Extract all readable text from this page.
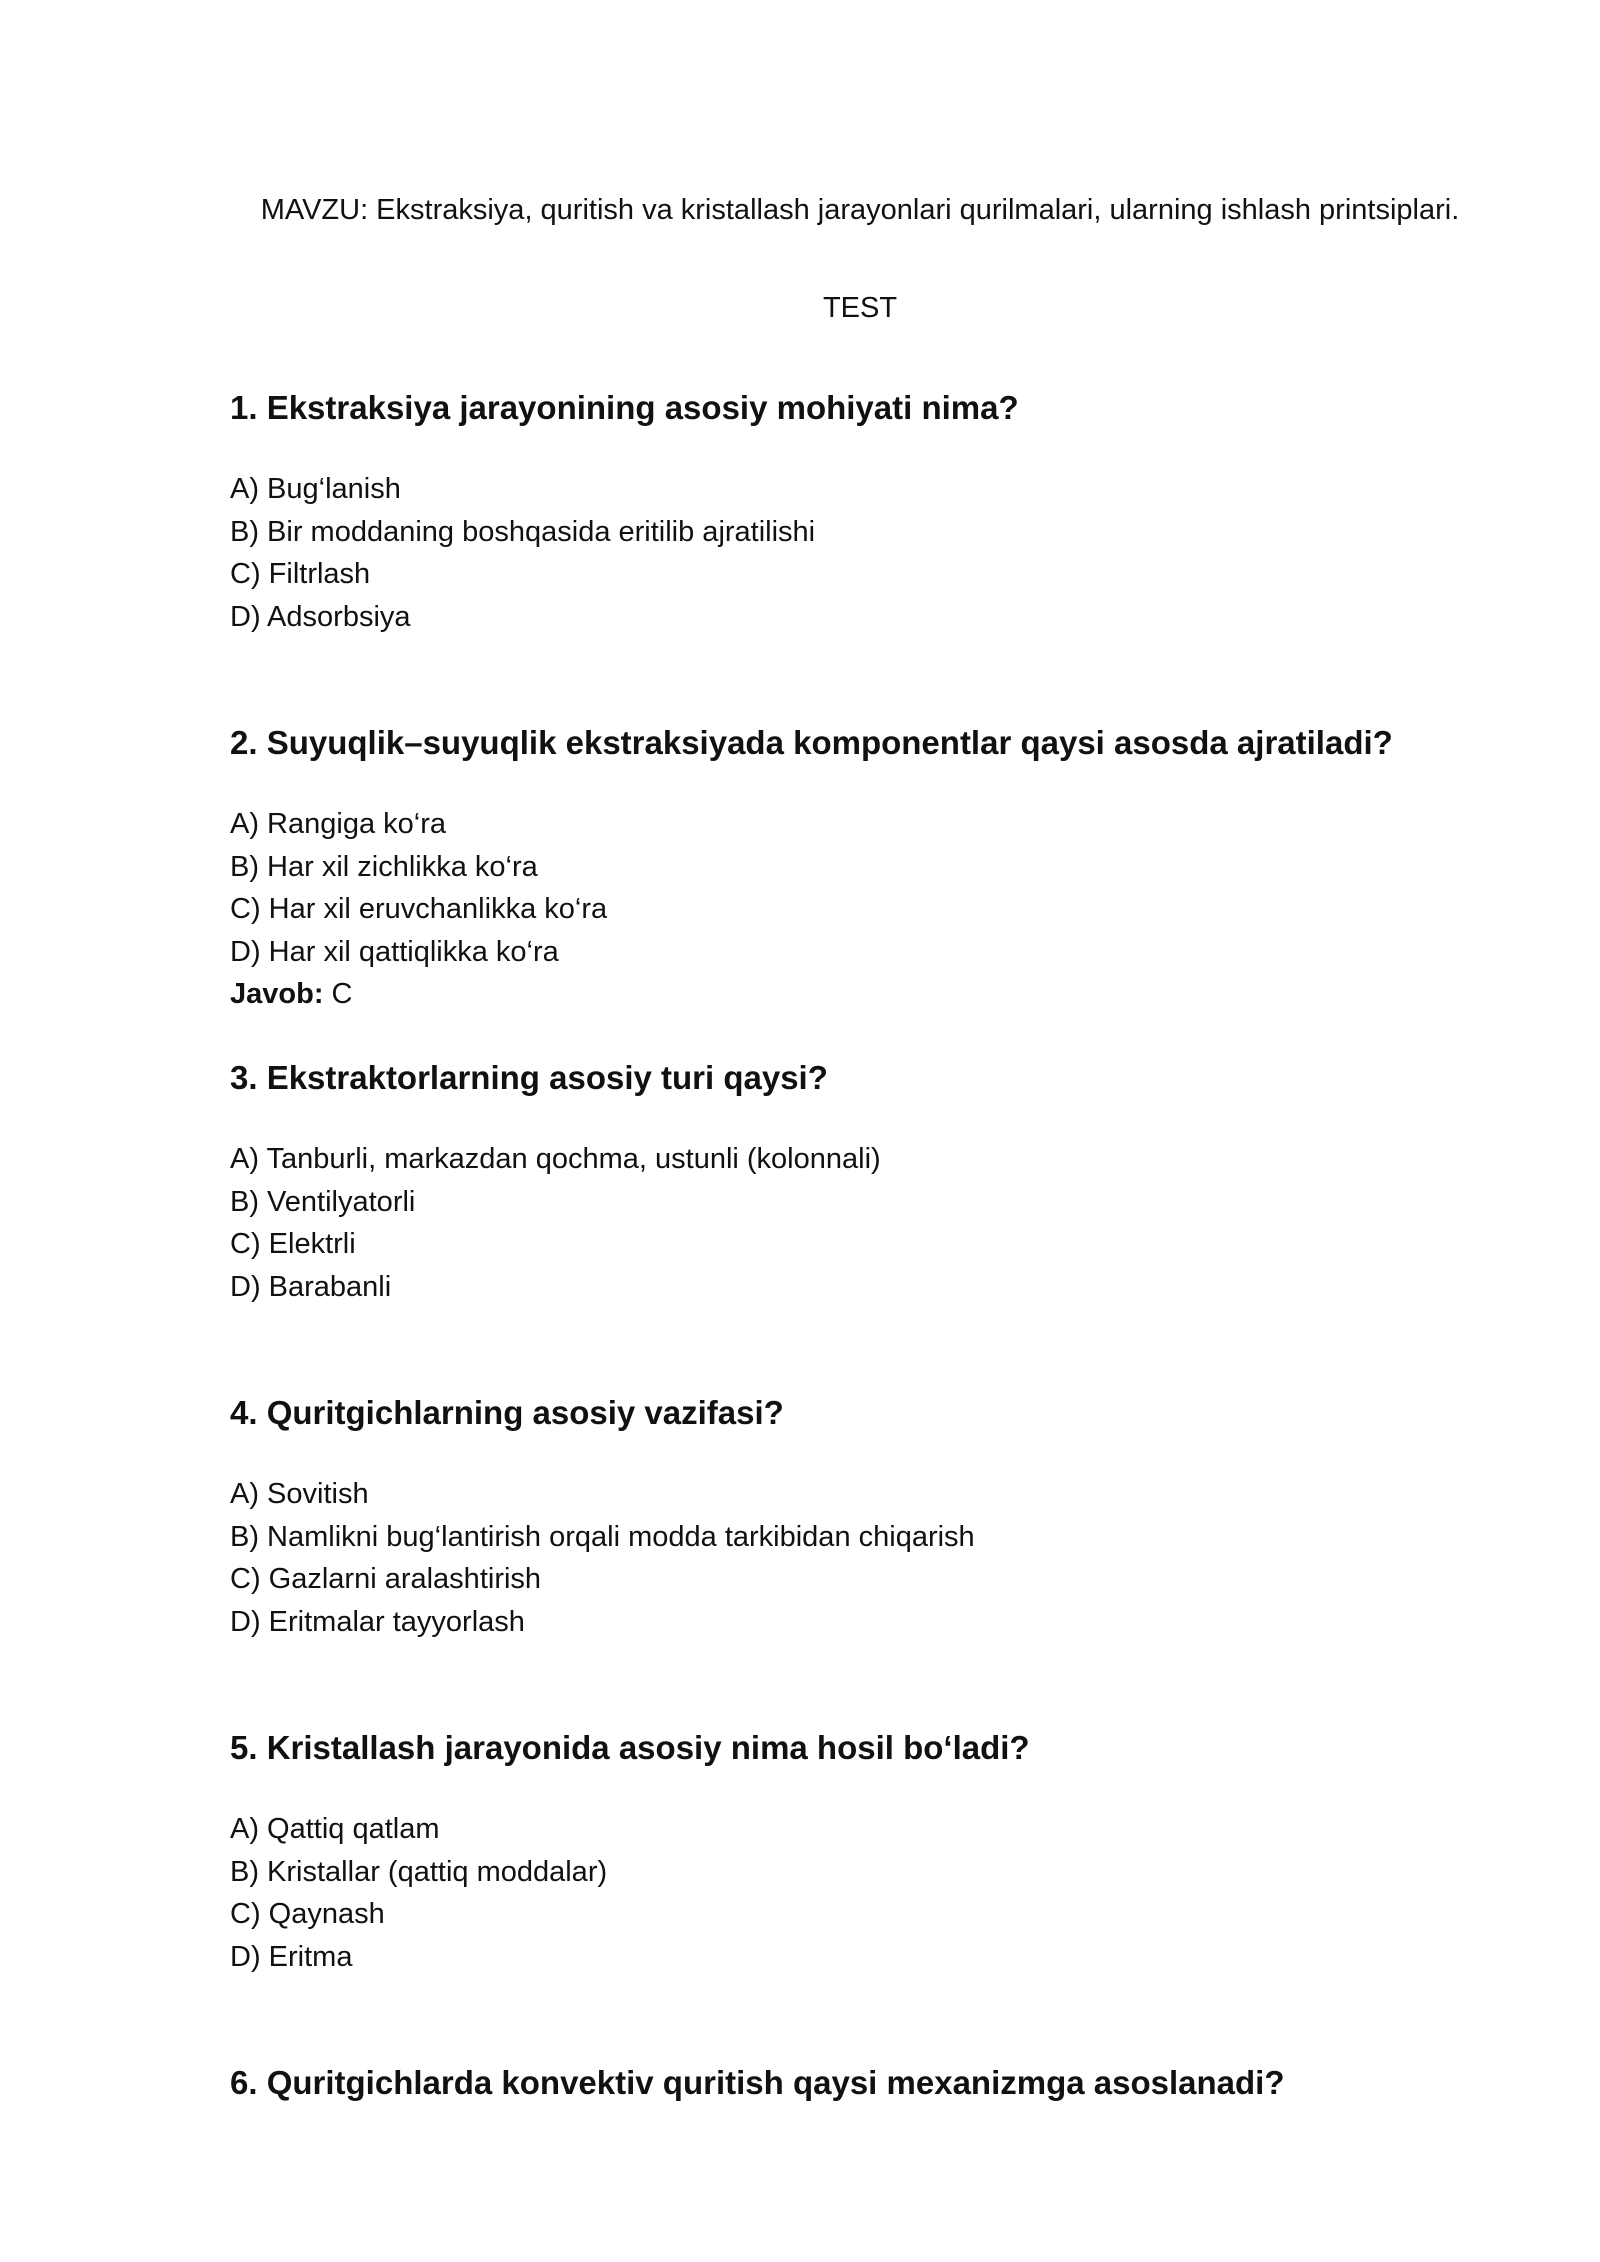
MAVZU: Ekstraksiya, quritish va kristallash jarayonlari qurilmalari, ularning ishlash printsiplari.
TEST

1. Ekstraksiya jarayonining asosiy mohiyati nima?

A) Bug‘lanish
B) Bir moddaning boshqasida eritilib ajratilishi
C) Filtrlash
D) Adsorbsiya

2. Suyuqlik–suyuqlik ekstraksiyada komponentlar qaysi asosda ajratiladi?

A) Rangiga ko‘ra
B) Har xil zichlikka ko‘ra
C) Har xil eruvchanlikka ko‘ra
D) Har xil qattiqlikka ko‘ra
Javob: C

3. Ekstraktorlarning asosiy turi qaysi?

A) Tanburli, markazdan qochma, ustunli (kolonnali)
B) Ventilyatorli
C) Elektrli
D) Barabanli

4. Quritgichlarning asosiy vazifasi?

A) Sovitish
B) Namlikni bug‘lantirish orqali modda tarkibidan chiqarish
C) Gazlarni aralashtirish
D) Eritmalar tayyorlash

5. Kristallash jarayonida asosiy nima hosil bo‘ladi?

A) Qattiq qatlam
B) Kristallar (qattiq moddalar)
C) Qaynash
D) Eritma

6. Quritgichlarda konvektiv quritish qaysi mexanizmga asoslanadi?
